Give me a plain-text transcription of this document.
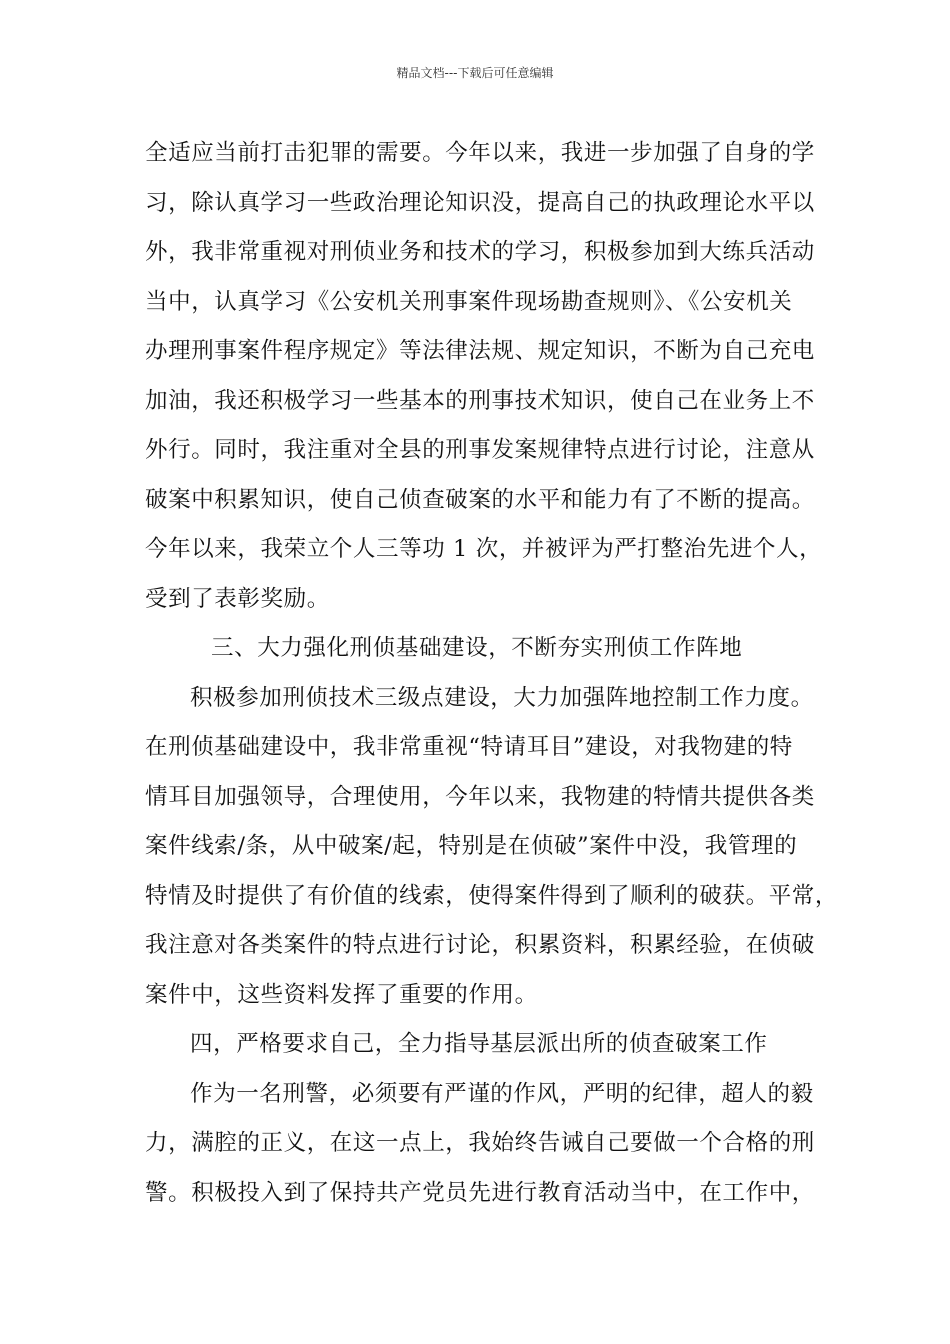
精品文档---下载后可任意编辑
全适应当前打击犯罪的需要。今年以来，我进一步加强了自身的学
习，除认真学习一些政治理论知识没，提高自己的执政理论水平以
外，我非常重视对刑侦业务和技术的学习，积极参加到大练兵活动
当中，认真学习《公安机关刑事案件现场勘查规则》、《公安机关
办理刑事案件程序规定》等法律法规、规定知识，不断为自己充电
加油，我还积极学习一些基本的刑事技术知识，使自己在业务上不
外行。同时，我注重对全县的刑事发案规律特点进行讨论，注意从
破案中积累知识，使自己侦查破案的水平和能力有了不断的提高。
今年以来，我荣立个人三等功 1 次，并被评为严打整治先进个人，
受到了表彰奖励。
三、大力强化刑侦基础建设，不断夯实刑侦工作阵地
积极参加刑侦技术三级点建设，大力加强阵地控制工作力度。
在刑侦基础建设中，我非常重视“特请耳目”建设，对我物建的特
情耳目加强领导，合理使用，今年以来，我物建的特情共提供各类
案件线索/条，从中破案/起，特别是在侦破”案件中没，我管理的
特情及时提供了有价值的线索，使得案件得到了顺利的破获。平常，
我注意对各类案件的特点进行讨论，积累资料，积累经验，在侦破
案件中，这些资料发挥了重要的作用。
四，严格要求自己，全力指导基层派出所的侦查破案工作
作为一名刑警，必须要有严谨的作风，严明的纪律，超人的毅
力，满腔的正义，在这一点上，我始终告诫自己要做一个合格的刑
警。积极投入到了保持共产党员先进行教育活动当中，在工作中，
